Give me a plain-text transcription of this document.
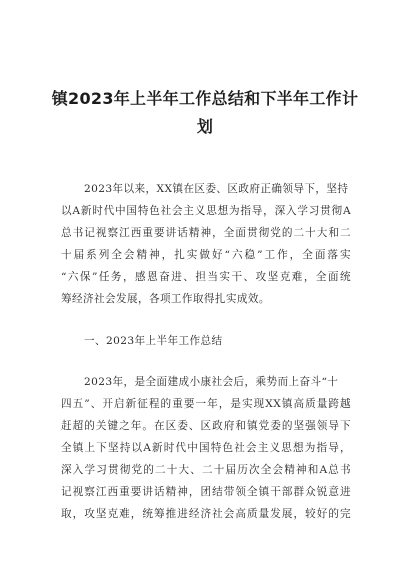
镇2023年上半年工作总结和下半年工作计
划
2023年以来，XX镇在区委、区政府正确领导下，坚持
以A新时代中国特色社会主义思想为指导，深入学习贯彻A
总书记视察江西重要讲话精神，全面贯彻党的二十大和二
十届系列全会精神，扎实做好“六稳”工作，全面落实
“六保”任务，感恩奋进、担当实干、攻坚克难，全面统
筹经济社会发展，各项工作取得扎实成效。
一、2023年上半年工作总结
2023年，是全面建成小康社会后，乘势而上奋斗“十
四五”、开启新征程的重要一年，是实现XX镇高质量跨越
赶超的关键之年。在区委、区政府和镇党委的坚强领导下
全镇上下坚持以A新时代中国特色社会主义思想为指导，
深入学习贯彻党的二十大、二十届历次全会精神和A总书
记视察江西重要讲话精神，团结带领全镇干部群众锐意进
取，攻坚克难，统筹推进经济社会高质量发展，较好的完
